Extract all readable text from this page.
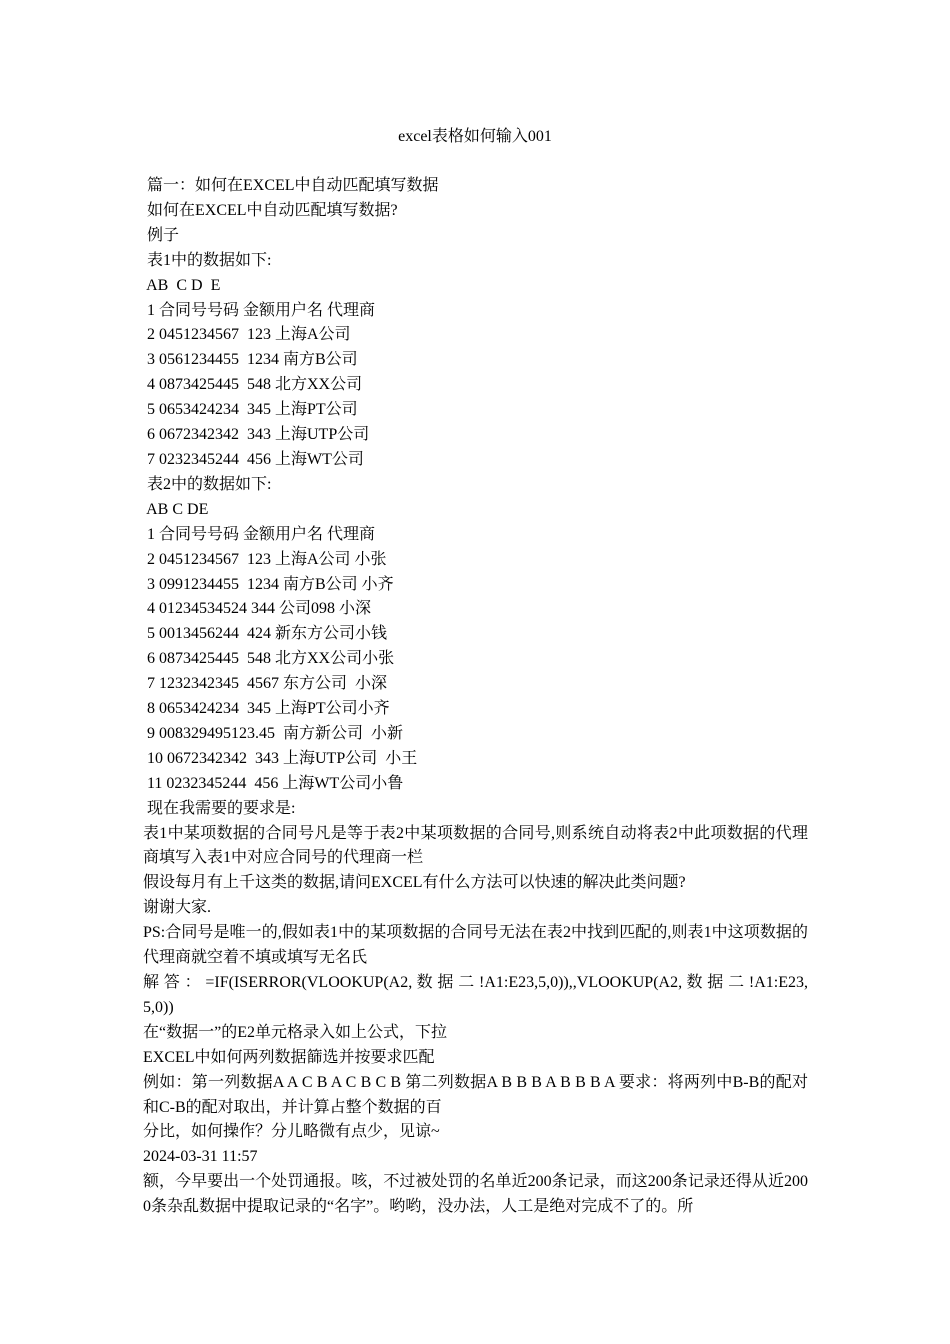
excel表格如何输入001

篇一：如何在EXCEL中自动匹配填写数据

如何在EXCEL中自动匹配填写数据?

例子

表1中的数据如下:

AB  C D  E

1 合同号号码 金额用户名 代理商

2 0451234567  123 上海A公司

3 0561234455  1234 南方B公司

4 0873425445  548 北方XX公司

5 0653424234  345 上海PT公司

6 0672342342  343 上海UTP公司

7 0232345244  456 上海WT公司

表2中的数据如下:

AB C DE

1 合同号号码 金额用户名 代理商

2 0451234567  123 上海A公司 小张

3 0991234455  1234 南方B公司 小齐

4 01234534524 344 公司098 小深

5 0013456244  424 新东方公司小钱

6 0873425445  548 北方XX公司小张

7 1232342345  4567 东方公司  小深

8 0653424234  345 上海PT公司小齐

9 008329495123.45  南方新公司  小新

10 0672342342  343 上海UTP公司  小王

11 0232345244  456 上海WT公司小鲁

现在我需要的要求是:

表1中某项数据的合同号凡是等于表2中某项数据的合同号,则系统自动将表2中此项数据的代理商填写入表1中对应合同号的代理商一栏

假设每月有上千这类的数据,请问EXCEL有什么方法可以快速的解决此类问题?

谢谢大家.

PS:合同号是唯一的,假如表1中的某项数据的合同号无法在表2中找到匹配的,则表1中这项数据的代理商就空着不填或填写无名氏

解 答 ： =IF(ISERROR(VLOOKUP(A2, 数 据 二 !A1:E23,5,0)),,VLOOKUP(A2, 数 据 二 !A1:E23,5,0))

在“数据一”的E2单元格录入如上公式，下拉

EXCEL中如何两列数据篩选并按要求匹配

例如：第一列数据A A C B A C B C B 第二列数据A B B B A B B B A 要求：将两列中B-B的配对和C-B的配对取出，并计算占整个数据的百

分比，如何操作？分儿略微有点少，见谅~

2024-03-31 11:57

额，今早要出一个处罚通报。咳，不过被处罚的名单近200条记录，而这200条记录还得从近2000条杂乱数据中提取记录的“名字”。哟哟，没办法，人工是绝对完成不了的。所
